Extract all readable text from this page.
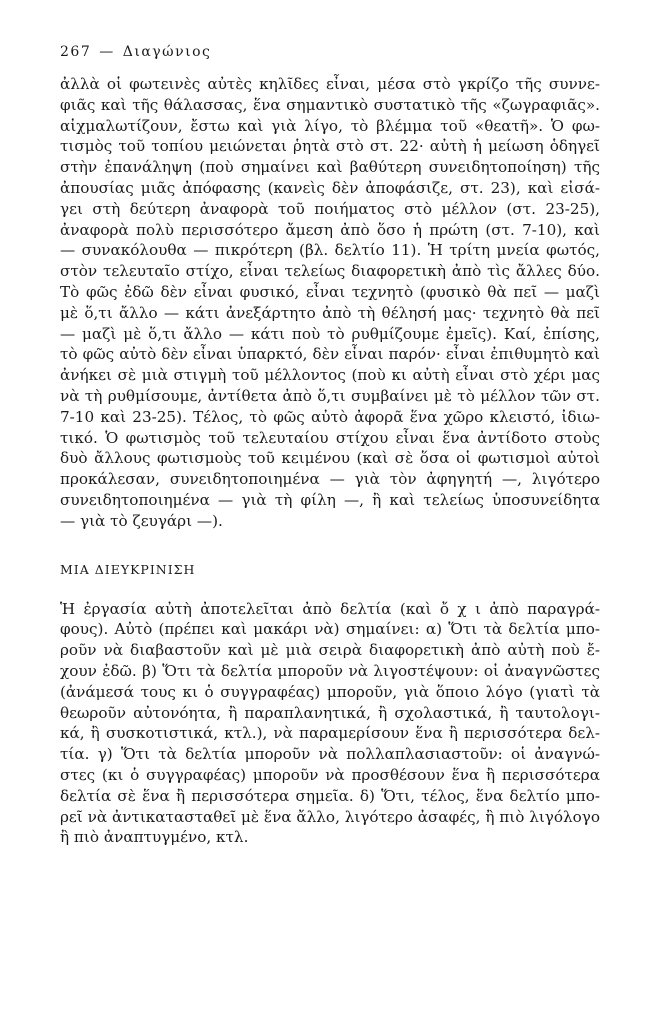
267 — Διαγώνιος
ἀλλὰ οἱ φωτεινὲς αὐτὲς κηλῖδες εἶναι, μέσα στὸ γκρίζο τῆς συννε-
φιᾶς καὶ τῆς θάλασσας, ἕνα σημαντικὸ συστατικὸ τῆς «ζωγραφιᾶς».
αἰχμαλωτίζουν, ἔστω καὶ γιὰ λίγο, τὸ βλέμμα τοῦ «θεατῆ». Ὁ φω-
τισμὸς τοῦ τοπίου μειώνεται ῥητὰ στὸ στ. 22· αὐτὴ ἡ μείωση ὁδηγεῖ
στὴν ἐπανάληψη (ποὺ σημαίνει καὶ βαθύτερη συνειδητοποίηση) τῆς
ἀπουσίας μιᾶς ἀπόφασης (κανεὶς δὲν ἀποφάσιζε, στ. 23), καὶ εἰσά-
γει στὴ δεύτερη ἀναφορὰ τοῦ ποιήματος στὸ μέλλον (στ. 23-25),
ἀναφορὰ πολὺ περισσότερο ἄμεση ἀπὸ ὅσο ἡ πρώτη (στ. 7-10), καὶ
— συνακόλουθα — πικρότερη (βλ. δελτίο 11). Ἡ τρίτη μνεία φωτός,
στὸν τελευταῖο στίχο, εἶναι τελείως διαφορετικὴ ἀπὸ τὶς ἄλλες δύο.
Τὸ φῶς ἐδῶ δὲν εἶναι φυσικό, εἶναι τεχνητὸ (φυσικὸ θὰ πεῖ — μαζὶ
μὲ ὅ,τι ἄλλο — κάτι ἀνεξάρτητο ἀπὸ τὴ θέλησή μας· τεχνητὸ θὰ πεῖ
— μαζὶ μὲ ὅ,τι ἄλλο — κάτι ποὺ τὸ ρυθμίζουμε ἐμεῖς). Καί, ἐπίσης,
τὸ φῶς αὐτὸ δὲν εἶναι ὑπαρκτό, δὲν εἶναι παρόν· εἶναι ἐπιθυμητὸ καὶ
ἀνήκει σὲ μιὰ στιγμὴ τοῦ μέλλοντος (ποὺ κι αὐτὴ εἶναι στὸ χέρι μας
νὰ τὴ ρυθμίσουμε, ἀντίθετα ἀπὸ ὅ,τι συμβαίνει μὲ τὸ μέλλον τῶν στ.
7-10 καὶ 23-25). Τέλος, τὸ φῶς αὐτὸ ἀφορᾶ ἕνα χῶρο κλειστό, ἰδιω-
τικό. Ὁ φωτισμὸς τοῦ τελευταίου στίχου εἶναι ἕνα ἀντίδοτο στοὺς
δυὸ ἄλλους φωτισμοὺς τοῦ κειμένου (καὶ σὲ ὅσα οἱ φωτισμοὶ αὐτοὶ
προκάλεσαν, συνειδητοποιημένα — γιὰ τὸν ἀφηγητή —, λιγότερο
συνειδητοποιημένα — γιὰ τὴ φίλη —, ἢ καὶ τελείως ὑποσυνείδητα
— γιὰ τὸ ζευγάρι —).
ΜΙΑ ΔΙΕΥΚΡΙΝΙΣΗ
Ἡ ἐργασία αὐτὴ ἀποτελεῖται ἀπὸ δελτία (καὶ ὄ χ ι ἀπὸ παραγρά-
φους). Αὐτὸ (πρέπει καὶ μακάρι νὰ) σημαίνει: α) Ὅτι τὰ δελτία μπο-
ροῦν νὰ διαβαστοῦν καὶ μὲ μιὰ σειρὰ διαφορετικὴ ἀπὸ αὐτὴ ποὺ ἔ-
χουν ἐδῶ. β) Ὅτι τὰ δελτία μποροῦν νὰ λιγοστέψουν: οἱ ἀναγνῶστες
(ἀνάμεσά τους κι ὁ συγγραφέας) μποροῦν, γιὰ ὅποιο λόγο (γιατὶ τὰ
θεωροῦν αὐτονόητα, ἢ παραπλανητικά, ἢ σχολαστικά, ἢ ταυτολογι-
κά, ἢ συσκοτιστικά, κτλ.), νὰ παραμερίσουν ἕνα ἢ περισσότερα δελ-
τία. γ) Ὅτι τὰ δελτία μποροῦν νὰ πολλαπλασιαστοῦν: οἱ ἀναγνώ-
στες (κι ὁ συγγραφέας) μποροῦν νὰ προσθέσουν ἕνα ἢ περισσότερα
δελτία σὲ ἕνα ἢ περισσότερα σημεῖα. δ) Ὅτι, τέλος, ἕνα δελτίο μπο-
ρεῖ νὰ ἀντικατασταθεῖ μὲ ἕνα ἄλλο, λιγότερο ἀσαφές, ἢ πιὸ λιγόλογο
ἢ πιὸ ἀναπτυγμένο, κτλ.
